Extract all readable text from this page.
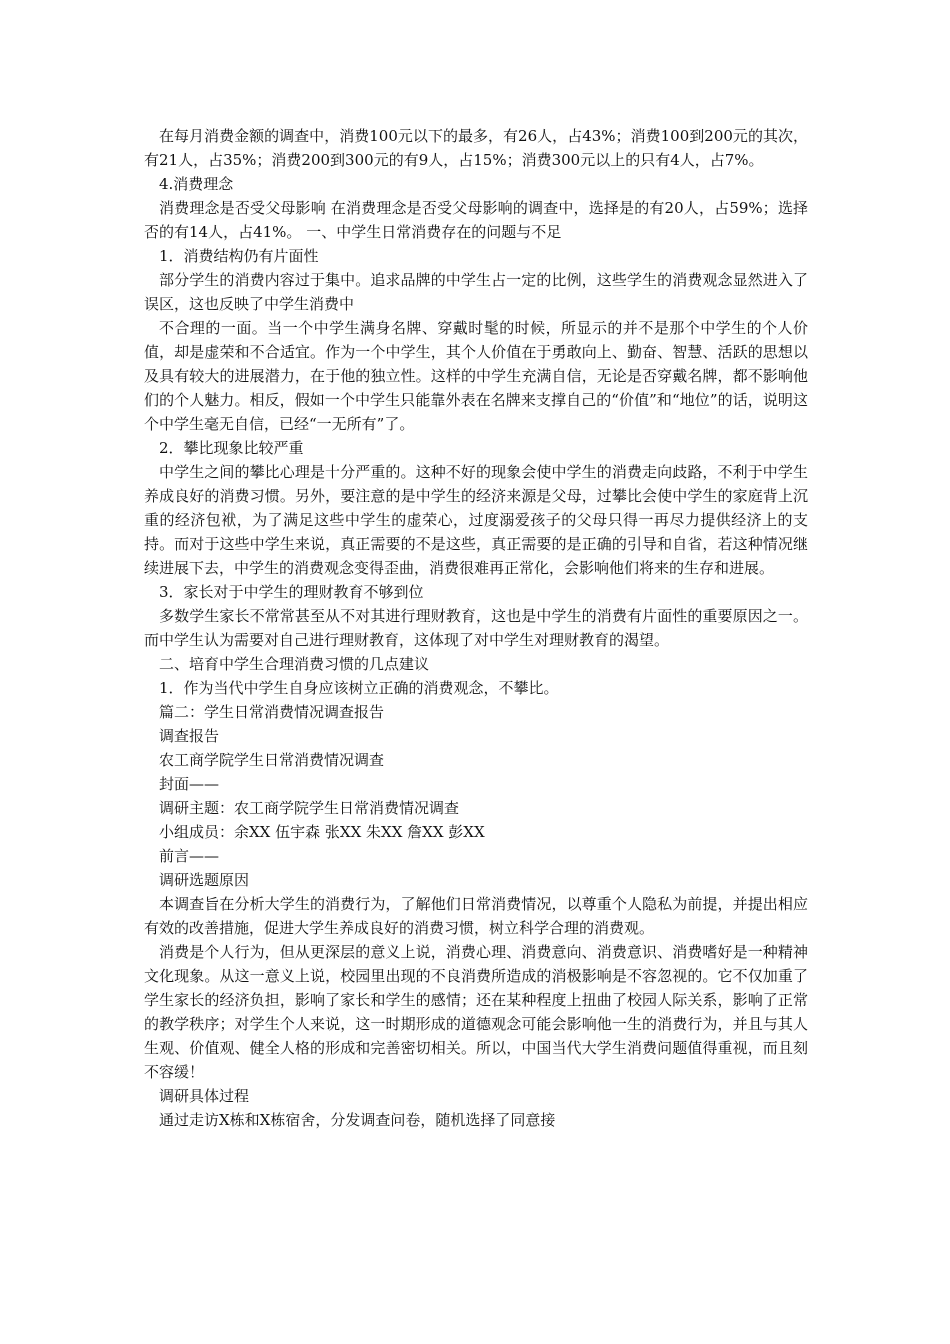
在每月消费金额的调查中，消费100元以下的最多，有26人，占43%；消费100到200元的其次，有21人，占35%；消费200到300元的有9人，占15%；消费300元以上的只有4人，占7%。

4.消费理念

消费理念是否受父母影响 在消费理念是否受父母影响的调查中，选择是的有20人，占59%；选择否的有14人，占41%。 一、中学生日常消费存在的问题与不足

1．消费结构仍有片面性

部分学生的消费内容过于集中。追求品牌的中学生占一定的比例，这些学生的消费观念显然进入了误区，这也反映了中学生消费中

不合理的一面。当一个中学生满身名牌、穿戴时髦的时候，所显示的并不是那个中学生的个人价值，却是虚荣和不合适宜。作为一个中学生，其个人价值在于勇敢向上、勤奋、智慧、活跃的思想以及具有较大的进展潜力，在于他的独立性。这样的中学生充满自信，无论是否穿戴名牌，都不影响他们的个人魅力。相反，假如一个中学生只能靠外表在名牌来支撑自己的“价值”和“地位”的话，说明这个中学生毫无自信，已经“一无所有”了。

2．攀比现象比较严重

中学生之间的攀比心理是十分严重的。这种不好的现象会使中学生的消费走向歧路，不利于中学生养成良好的消费习惯。另外，要注意的是中学生的经济来源是父母，过攀比会使中学生的家庭背上沉重的经济包袱，为了满足这些中学生的虚荣心，过度溺爱孩子的父母只得一再尽力提供经济上的支持。而对于这些中学生来说，真正需要的不是这些，真正需要的是正确的引导和自省，若这种情况继续进展下去，中学生的消费观念变得歪曲，消费很难再正常化，会影响他们将来的生存和进展。

3．家长对于中学生的理财教育不够到位

多数学生家长不常常甚至从不对其进行理财教育，这也是中学生的消费有片面性的重要原因之一。而中学生认为需要对自己进行理财教育，这体现了对中学生对理财教育的渴望。

二、培育中学生合理消费习惯的几点建议

1．作为当代中学生自身应该树立正确的消费观念，不攀比。

篇二：学生日常消费情况调查报告

调查报告

农工商学院学生日常消费情况调查

封面——

调研主题：农工商学院学生日常消费情况调查

小组成员：余XX 伍宇森 张XX 朱XX 詹XX 彭XX

前言——

调研选题原因

本调查旨在分析大学生的消费行为，了解他们日常消费情况，以尊重个人隐私为前提，并提出相应有效的改善措施，促进大学生养成良好的消费习惯，树立科学合理的消费观。

消费是个人行为，但从更深层的意义上说，消费心理、消费意向、消费意识、消费嗜好是一种精神文化现象。从这一意义上说，校园里出现的不良消费所造成的消极影响是不容忽视的。它不仅加重了学生家长的经济负担，影响了家长和学生的感情；还在某种程度上扭曲了校园人际关系，影响了正常的教学秩序；对学生个人来说，这一时期形成的道德观念可能会影响他一生的消费行为，并且与其人生观、价值观、健全人格的形成和完善密切相关。所以，中国当代大学生消费问题值得重视，而且刻不容缓！

调研具体过程

通过走访X栋和X栋宿舍，分发调查问卷，随机选择了同意接
